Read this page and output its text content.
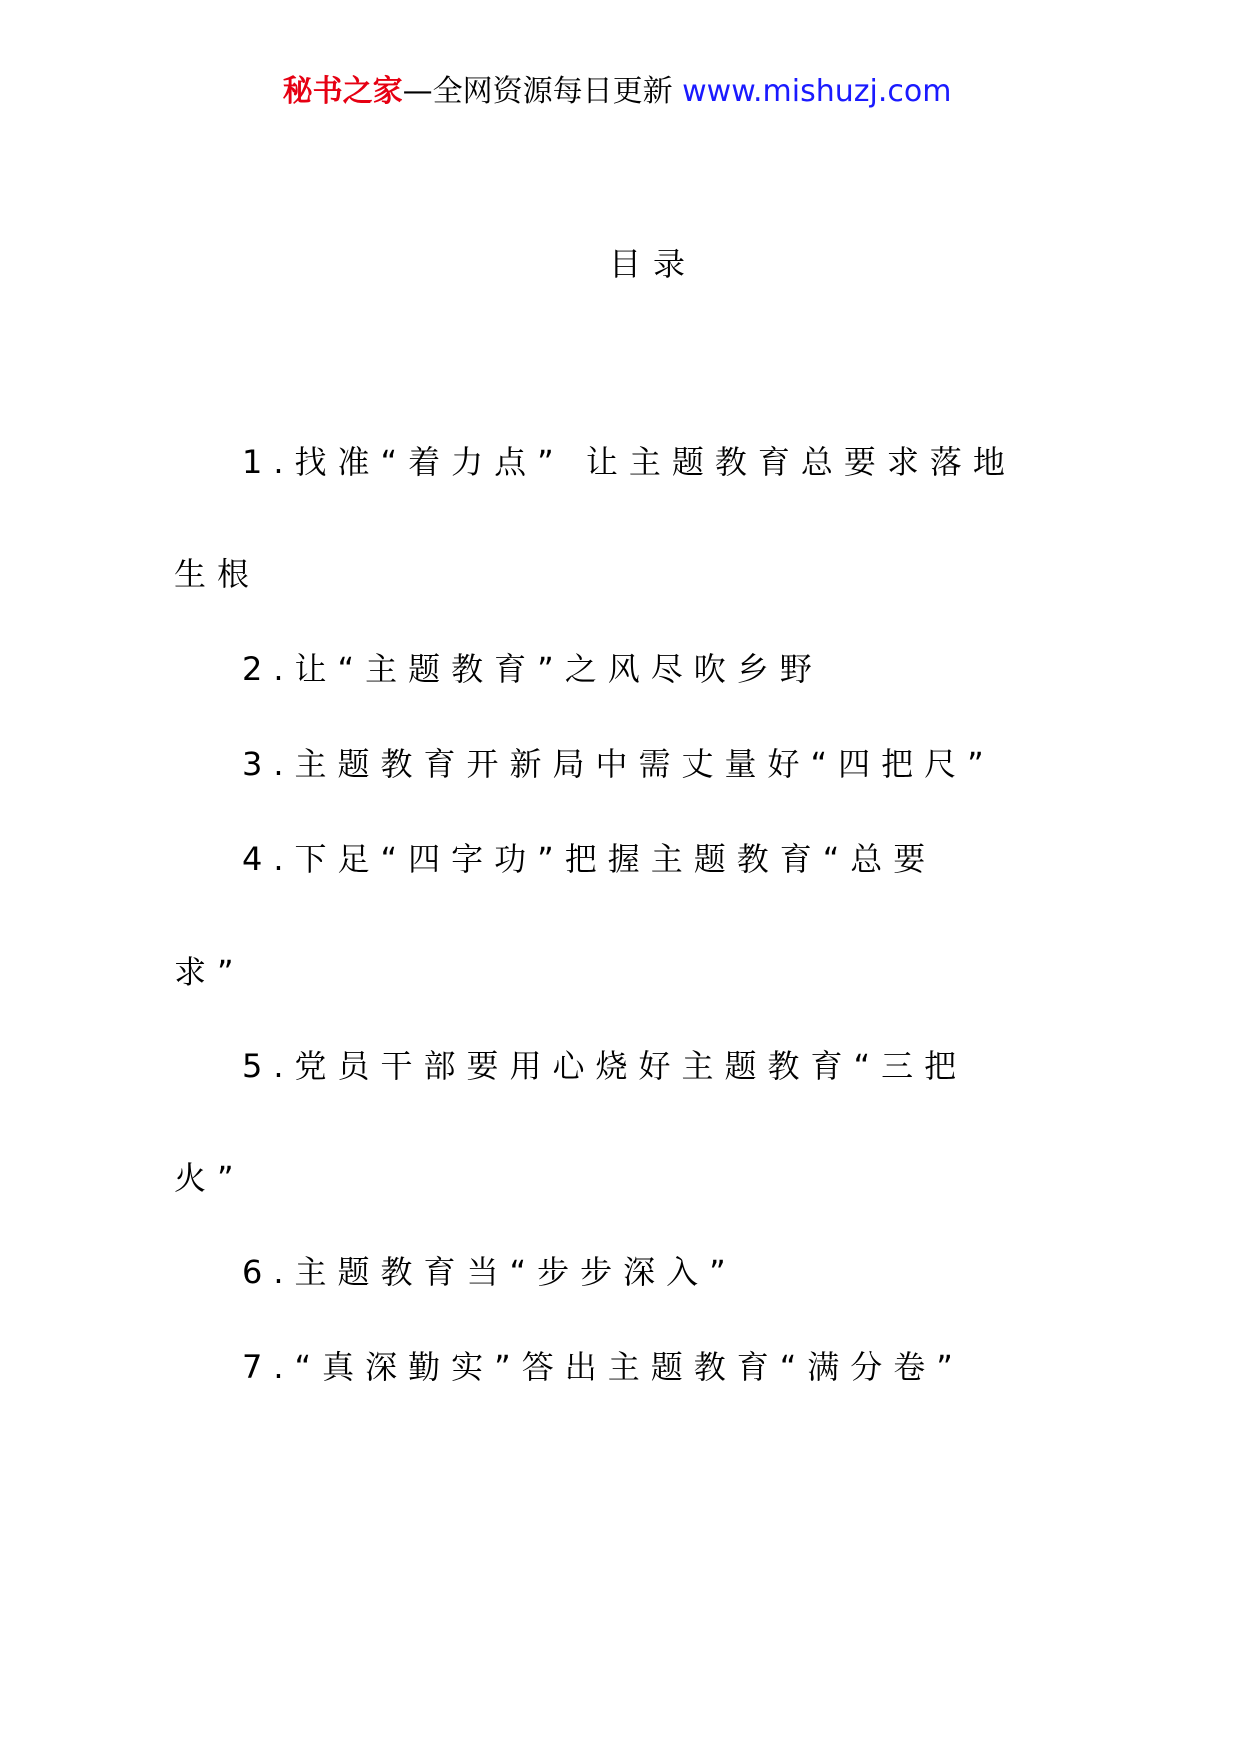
秘书之家—全网资源每日更新 www.mishuzj.com
目录
1.找准“着力点” 让主题教育总要求落地
生根
2.让“主题教育”之风尽吹乡野
3.主题教育开新局中需丈量好“四把尺”
4.下足“四字功”把握主题教育“总要
求”
5.党员干部要用心烧好主题教育“三把
火”
6.主题教育当“步步深入”
7.“真深勤实”答出主题教育“满分卷”
